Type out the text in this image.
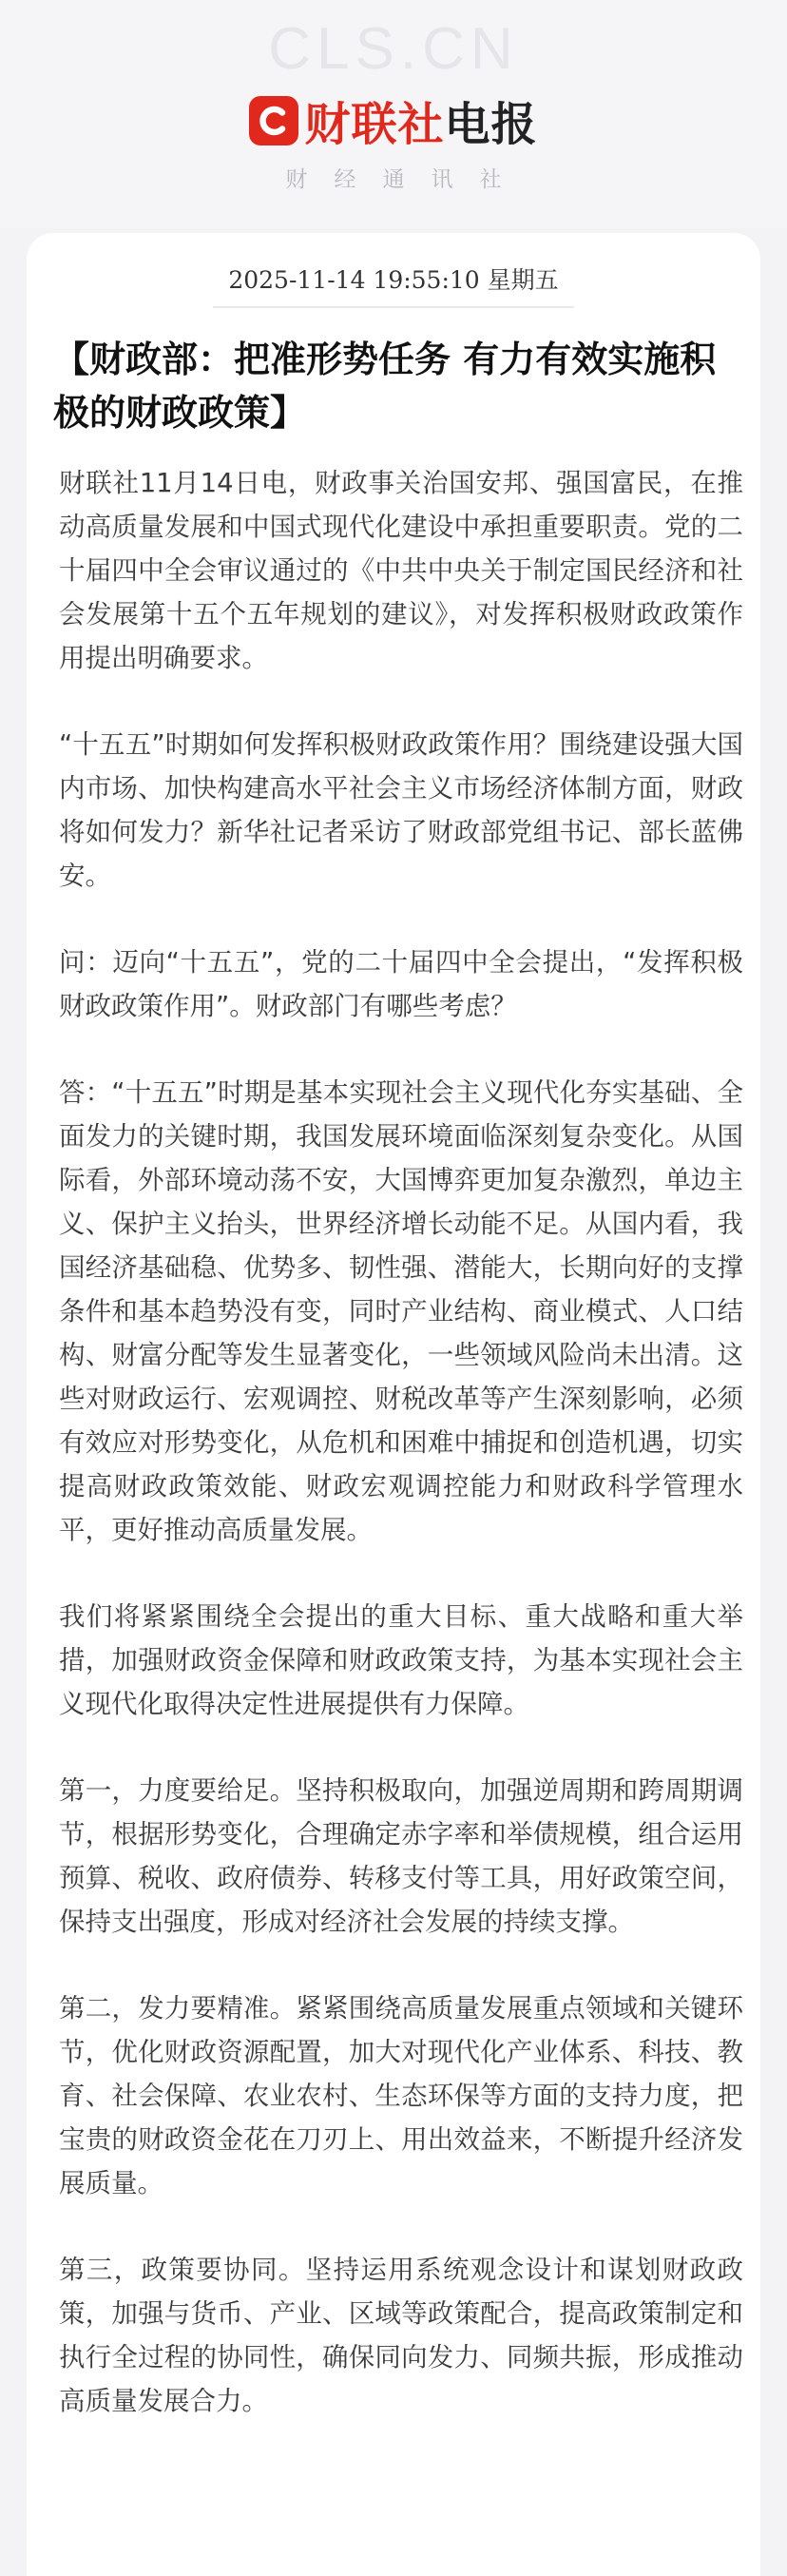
CLS.CN
财联社电报
财经通讯社
2025-11-14 19:55:10 星期五
【财政部：把准形势任务 有力有效实施积极的财政政策】

财联社11月14日电，财政事关治国安邦、强国富民，在推动高质量发展和中国式现代化建设中承担重要职责。党的二十届四中全会审议通过的《中共中央关于制定国民经济和社会发展第十五个五年规划的建议》，对发挥积极财政政策作用提出明确要求。

“十五五”时期如何发挥积极财政政策作用？围绕建设强大国内市场、加快构建高水平社会主义市场经济体制方面，财政将如何发力？新华社记者采访了财政部党组书记、部长蓝佛安。

问：迈向“十五五”，党的二十届四中全会提出，“发挥积极财政政策作用”。财政部门有哪些考虑？

答：“十五五”时期是基本实现社会主义现代化夯实基础、全面发力的关键时期，我国发展环境面临深刻复杂变化。从国际看，外部环境动荡不安，大国博弈更加复杂激烈，单边主义、保护主义抬头，世界经济增长动能不足。从国内看，我国经济基础稳、优势多、韧性强、潜能大，长期向好的支撑条件和基本趋势没有变，同时产业结构、商业模式、人口结构、财富分配等发生显著变化，一些领域风险尚未出清。这些对财政运行、宏观调控、财税改革等产生深刻影响，必须有效应对形势变化，从危机和困难中捕捉和创造机遇，切实提高财政政策效能、财政宏观调控能力和财政科学管理水平，更好推动高质量发展。

我们将紧紧围绕全会提出的重大目标、重大战略和重大举措，加强财政资金保障和财政政策支持，为基本实现社会主义现代化取得决定性进展提供有力保障。

第一，力度要给足。坚持积极取向，加强逆周期和跨周期调节，根据形势变化，合理确定赤字率和举债规模，组合运用预算、税收、政府债券、转移支付等工具，用好政策空间，保持支出强度，形成对经济社会发展的持续支撑。

第二，发力要精准。紧紧围绕高质量发展重点领域和关键环节，优化财政资源配置，加大对现代化产业体系、科技、教育、社会保障、农业农村、生态环保等方面的支持力度，把宝贵的财政资金花在刀刃上、用出效益来，不断提升经济发展质量。

第三，政策要协同。坚持运用系统观念设计和谋划财政政策，加强与货币、产业、区域等政策配合，提高政策制定和执行全过程的协同性，确保同向发力、同频共振，形成推动高质量发展合力。
